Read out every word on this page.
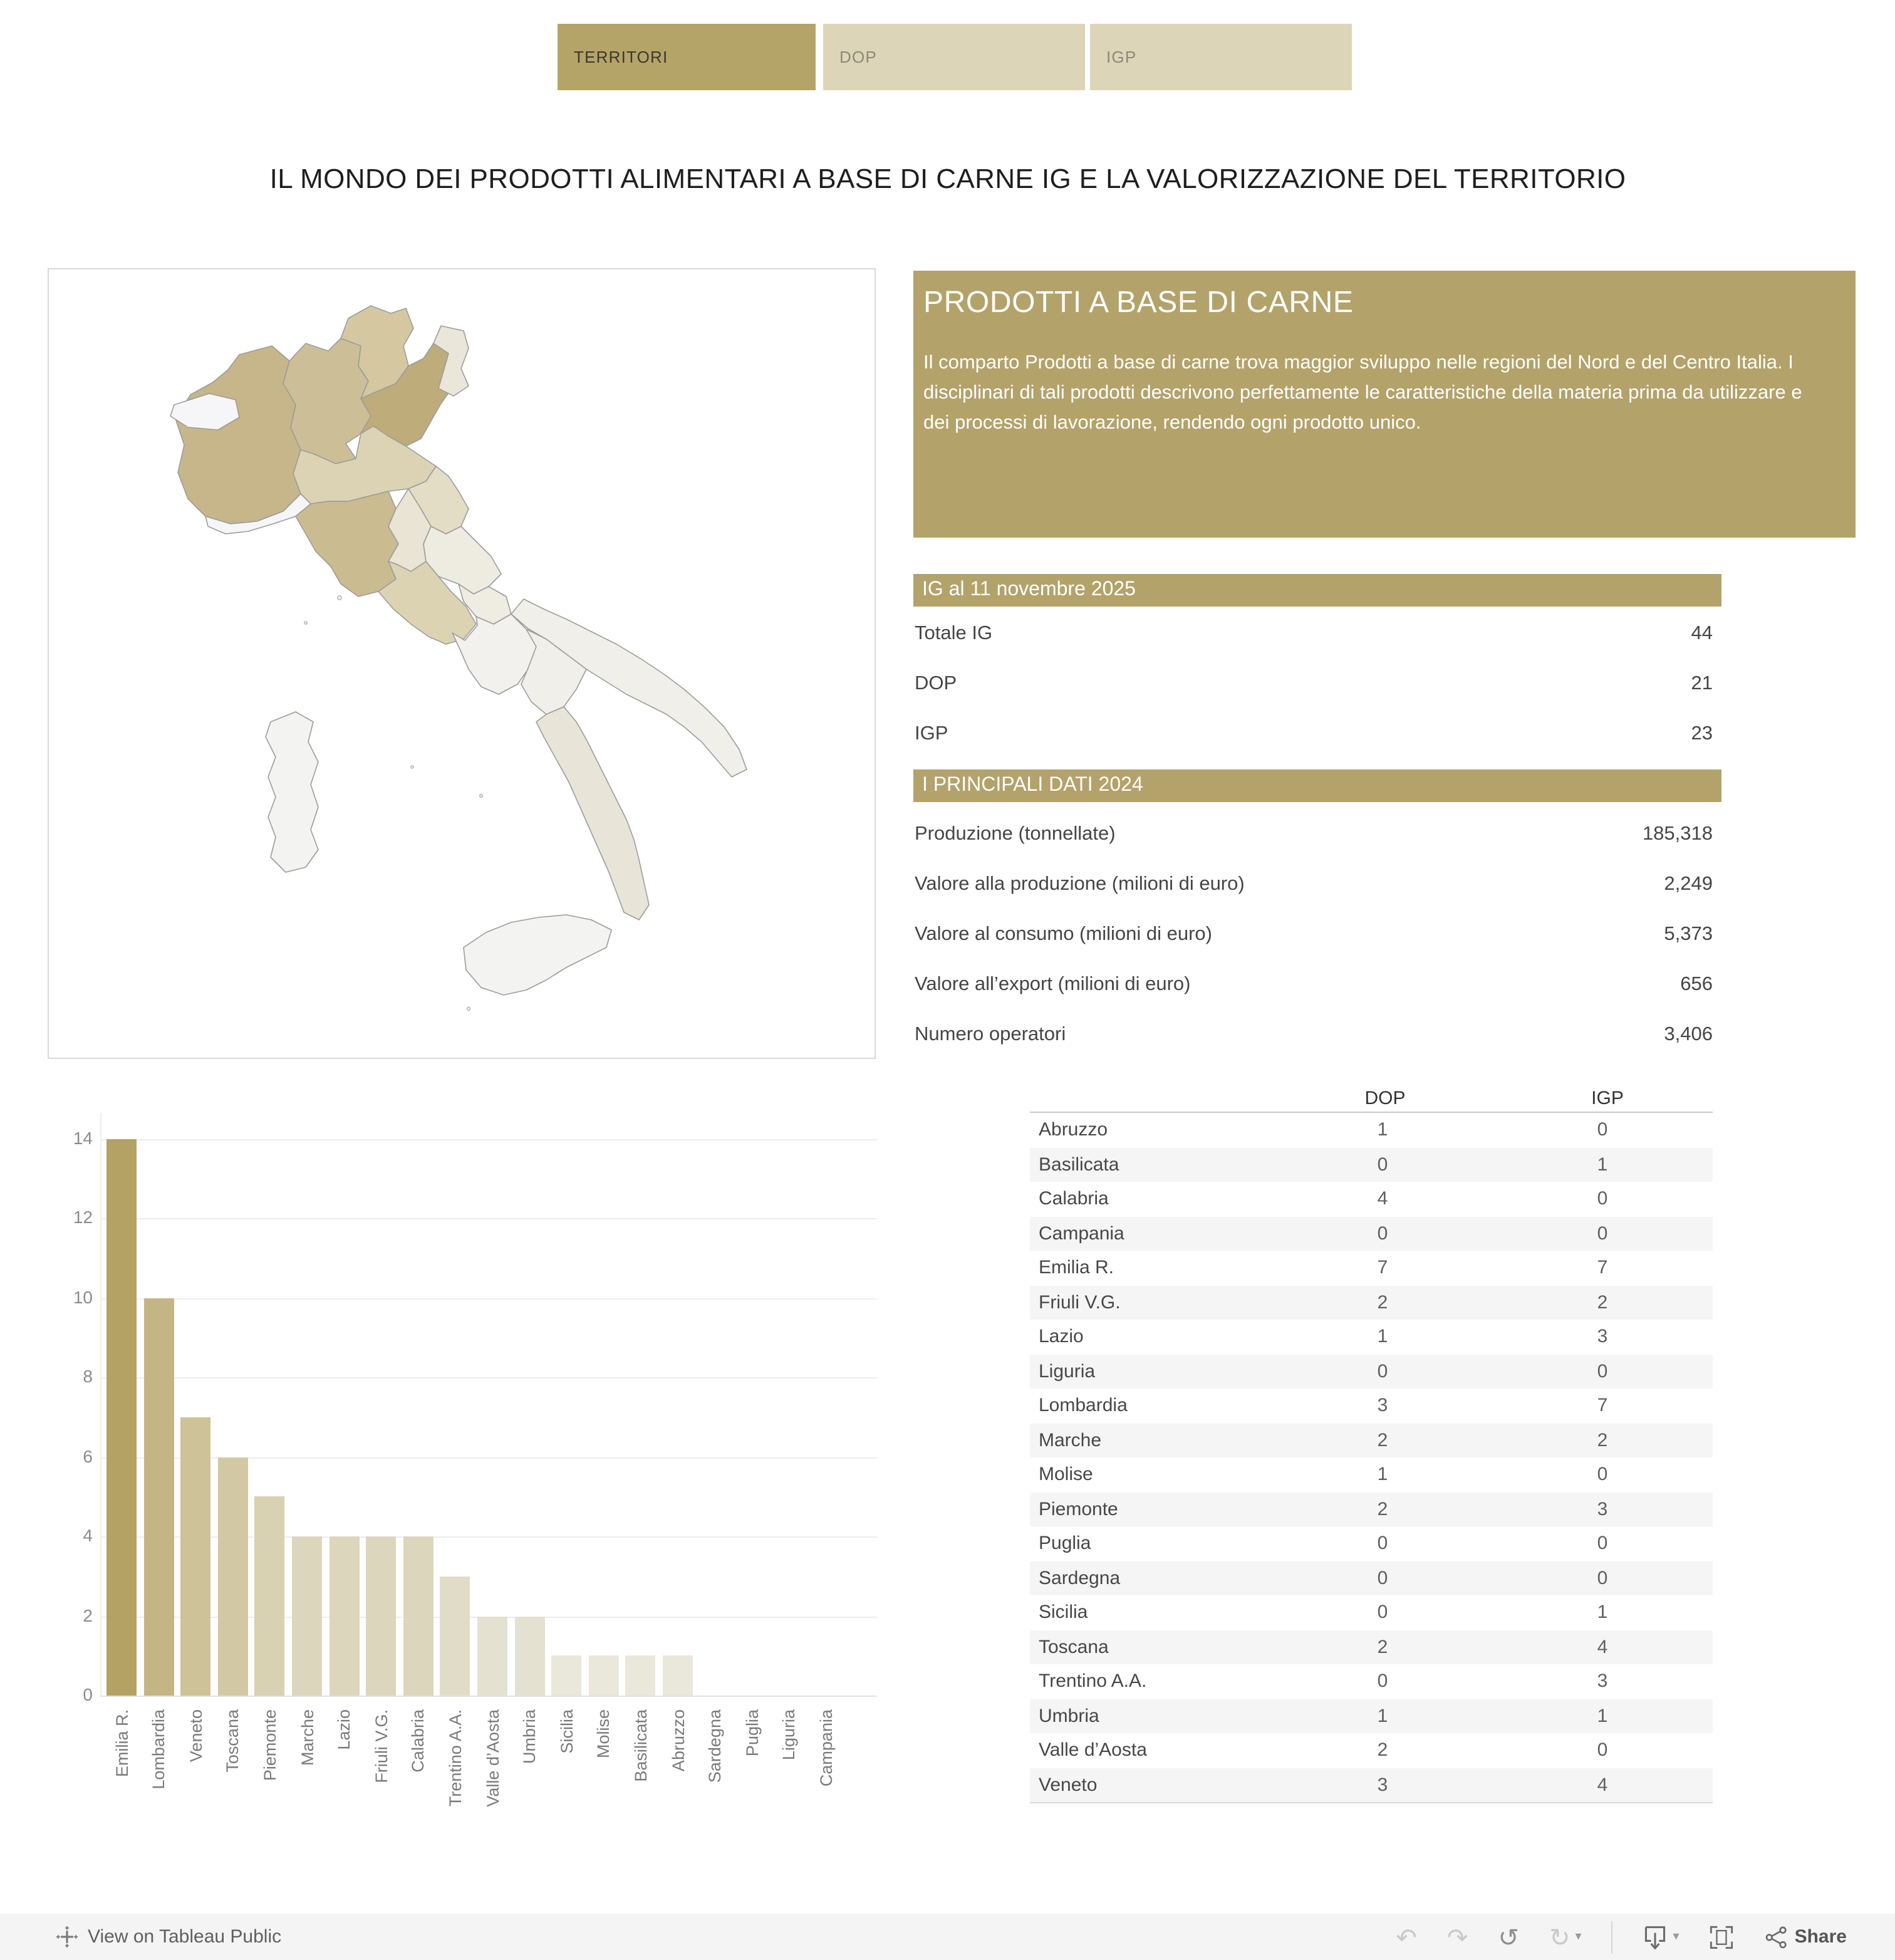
TERRITORI	DOP	IGP
IL MONDO DEI PRODOTTI ALIMENTARI A BASE DI CARNE IG E LA VALORIZZAZIONE DEL TERRITORIO
PRODOTTI A BASE DI CARNE
Il comparto Prodotti a base di carne trova maggior sviluppo nelle regioni del Nord e del Centro Italia. I disciplinari di tali prodotti descrivono perfettamente le caratteristiche della materia prima da utilizzare e dei processi di lavorazione, rendendo ogni prodotto unico.
IG al 11 novembre 2025
Totale IG	44
DOP	21
IGP	23
I PRINCIPALI DATI 2024
Produzione (tonnellate)	185,318
Valore alla produzione (milioni di euro)	2,249
Valore al consumo (milioni di euro)	5,373
Valore all’export (milioni di euro)	656
Numero operatori	3,406
DOP	IGP
Abruzzo	1	0
Basilicata	0	1
Calabria	4	0
Campania	0	0
Emilia R.	7	7
Friuli V.G.	2	2
Lazio	1	3
Liguria	0	0
Lombardia	3	7
Marche	2	2
Molise	1	0
Piemonte	2	3
Puglia	0	0
Sardegna	0	0
Sicilia	0	1
Toscana	2	4
Trentino A.A.	0	3
Umbria	1	1
Valle d’Aosta	2	0
Veneto	3	4
0
2
4
6
8
10
12
14
Emilia R. Lombardia Veneto Toscana Piemonte Marche Lazio Friuli V.G. Calabria Trentino A.A. Valle d’Aosta Umbria Sicilia Molise Basilicata Abruzzo Sardegna Puglia Liguria Campania
View on Tableau Public	↶ ↷ ↺ ↻ ▾	▾	Share
